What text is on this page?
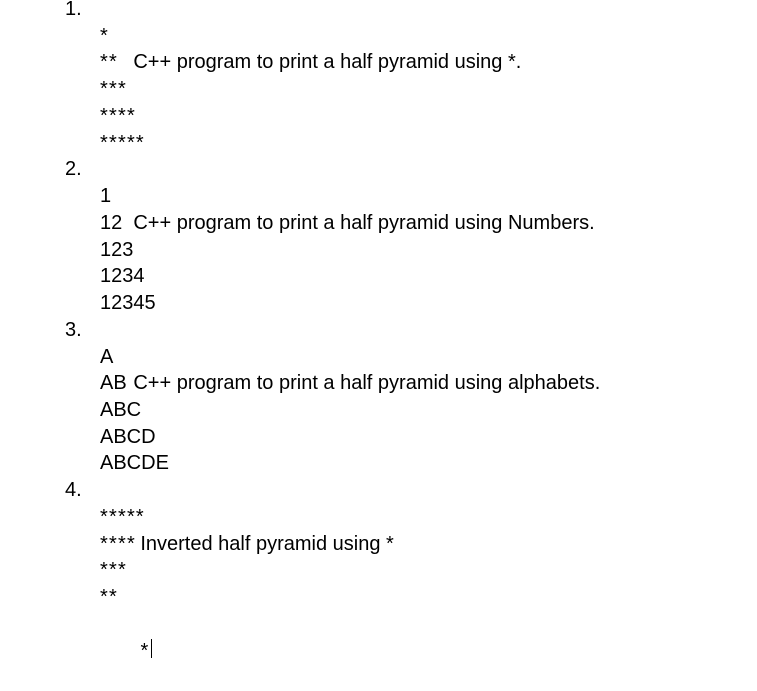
1.

C++ program to print a half pyramid using *.

*
**
***
****
*****

2.

C++ program to print a half pyramid using Numbers.

1
12
123
1234
12345

3.

C++ program to print a half pyramid using alphabets.

A
AB
ABC
ABCD
ABCDE

4.

Inverted half pyramid using *

*****
****
***
**

*
